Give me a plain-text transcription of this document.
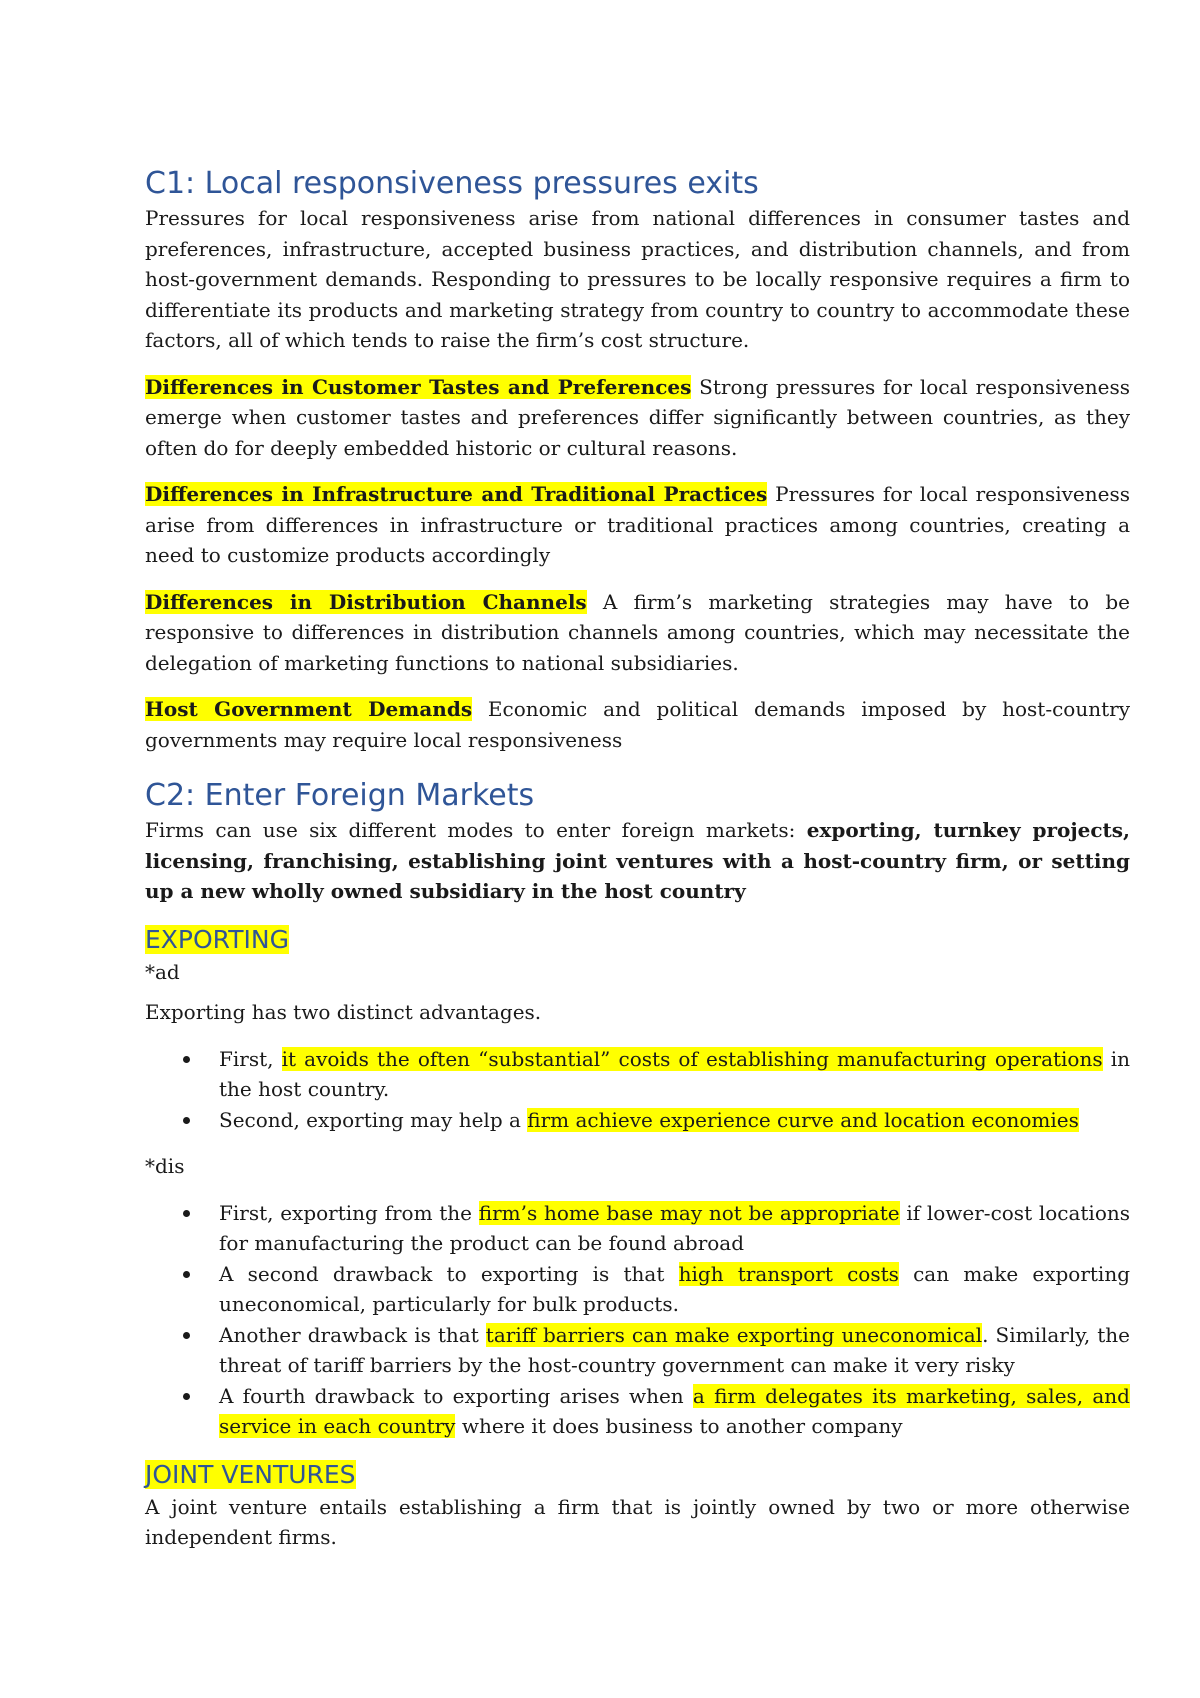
C1: Local responsiveness pressures exits

Pressures for local responsiveness arise from national differences in consumer tastes and preferences, infrastructure, accepted business practices, and distribution channels, and from host-government demands. Responding to pressures to be locally responsive requires a firm to differentiate its products and marketing strategy from country to country to accommodate these factors, all of which tends to raise the firm’s cost structure.

Differences in Customer Tastes and Preferences Strong pressures for local responsiveness emerge when customer tastes and preferences differ significantly between countries, as they often do for deeply embedded historic or cultural reasons.

Differences in Infrastructure and Traditional Practices Pressures for local responsiveness arise from differences in infrastructure or traditional practices among countries, creating a need to customize products accordingly

Differences in Distribution Channels A firm’s marketing strategies may have to be responsive to differences in distribution channels among countries, which may necessitate the delegation of marketing functions to national subsidiaries.

Host Government Demands Economic and political demands imposed by host-country governments may require local responsiveness

C2: Enter Foreign Markets

Firms can use six different modes to enter foreign markets: exporting, turnkey projects, licensing, franchising, establishing joint ventures with a host-country firm, or setting up a new wholly owned subsidiary in the host country

EXPORTING

*ad

Exporting has two distinct advantages.

First, it avoids the often “substantial” costs of establishing manufacturing operations in the host country.
Second, exporting may help a firm achieve experience curve and location economies

*dis

First, exporting from the firm’s home base may not be appropriate if lower-cost locations for manufacturing the product can be found abroad
A second drawback to exporting is that high transport costs can make exporting uneconomical, particularly for bulk products.
Another drawback is that tariff barriers can make exporting uneconomical. Similarly, the threat of tariff barriers by the host-country government can make it very risky
A fourth drawback to exporting arises when a firm delegates its marketing, sales, and service in each country where it does business to another company
JOINT VENTURES

A joint venture entails establishing a firm that is jointly owned by two or more otherwise independent firms.
